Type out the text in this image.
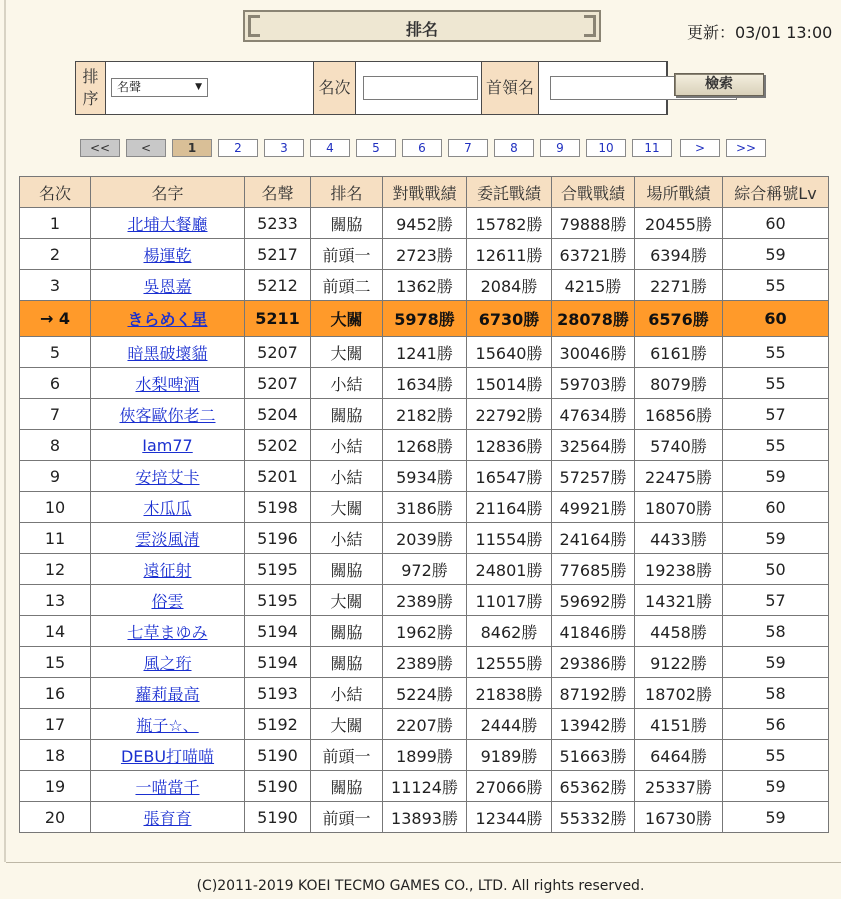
排名	更新：03/01 13:00
排
序
名聲	▼	名次	首領名	檢索
<<	<	1	2	3	4	5	6	7	8	9	10	11	>	>>
名次	名字	名聲	排名	對戰戰績	委託戰績	合戰戰績	場所戰績	綜合稱號Lv
1	北埔大餐廳	5233	關脇	9452勝	15782勝	79888勝	20455勝	60
2	楊運乾	5217	前頭一	2723勝	12611勝	63721勝	6394勝	59
3	吳恩嘉	5212	前頭二	1362勝	2084勝	4215勝	2271勝	55
→ 4	きらめく星	5211	大關	5978勝	6730勝	28078勝	6576勝	60
5	暗黑破壞貓	5207	大關	1241勝	15640勝	30046勝	6161勝	55
6	水梨啤酒	5207	小結	1634勝	15014勝	59703勝	8079勝	55
7	俠客歐你老二	5204	關脇	2182勝	22792勝	47634勝	16856勝	57
8	Iam77	5202	小結	1268勝	12836勝	32564勝	5740勝	55
9	安培艾卡	5201	小結	5934勝	16547勝	57257勝	22475勝	59
10	木瓜瓜	5198	大關	3186勝	21164勝	49921勝	18070勝	60
11	雲淡風清	5196	小結	2039勝	11554勝	24164勝	4433勝	59
12	遠征射	5195	關脇	972勝	24801勝	77685勝	19238勝	50
13	俗雲	5195	大關	2389勝	11017勝	59692勝	14321勝	57
14	七草まゆみ	5194	關脇	1962勝	8462勝	41846勝	4458勝	58
15	風之珩	5194	關脇	2389勝	12555勝	29386勝	9122勝	59
16	蘿莉最高	5193	小結	5224勝	21838勝	87192勝	18702勝	58
17	瓶子☆、	5192	大關	2207勝	2444勝	13942勝	4151勝	56
18	DEBU打喵喵	5190	前頭一	1899勝	9189勝	51663勝	6464勝	55
19	一喵當千	5190	關脇	11124勝	27066勝	65362勝	25337勝	59
20	張育育	5190	前頭一	13893勝	12344勝	55332勝	16730勝	59
(C)2011-2019 KOEI TECMO GAMES CO., LTD. All rights reserved.
